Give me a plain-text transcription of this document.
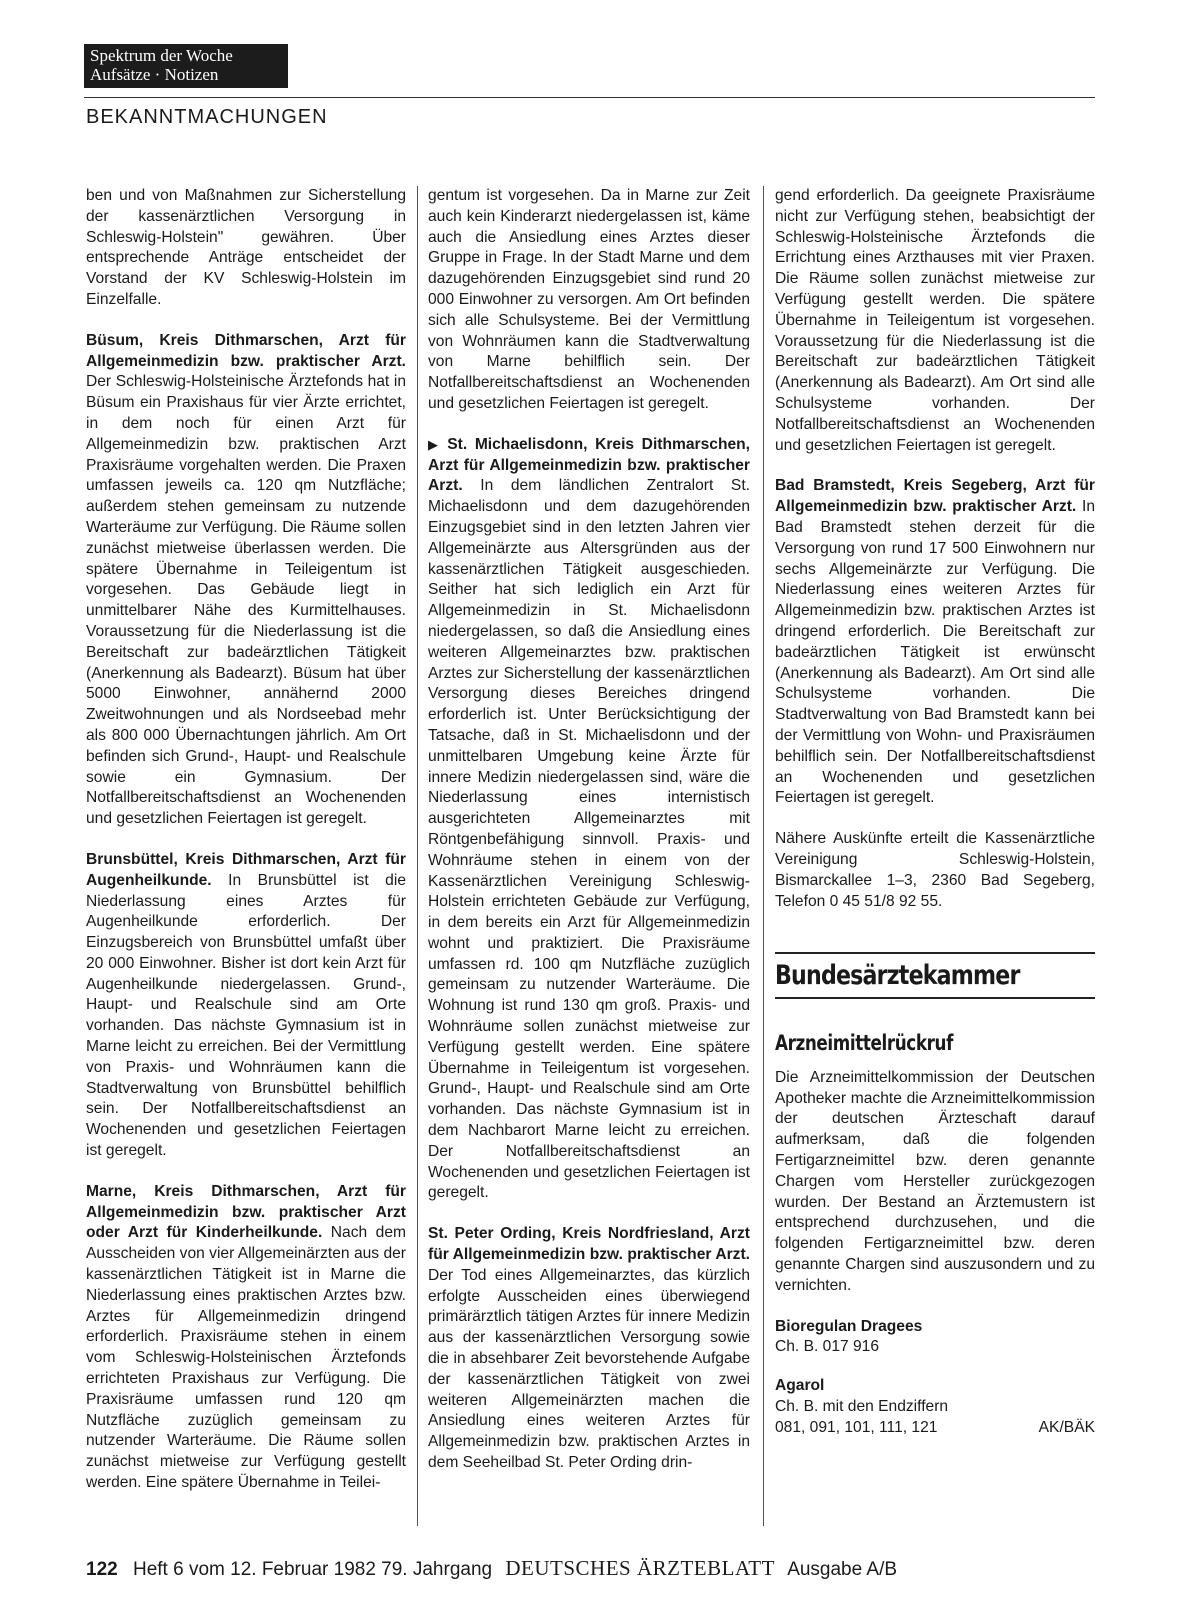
Spektrum der Woche
Aufsätze · Notizen
BEKANNTMACHUNGEN

ben und von Maßnahmen zur Sicherstellung der kassenärztlichen Versorgung in Schleswig-Holstein" gewähren. Über entsprechende Anträge entscheidet der Vorstand der KV Schleswig-Holstein im Einzelfalle.

Büsum, Kreis Dithmarschen, Arzt für Allgemeinmedizin bzw. praktischer Arzt. Der Schleswig-Holsteinische Ärztefonds hat in Büsum ein Praxishaus für vier Ärzte errichtet, in dem noch für einen Arzt für Allgemeinmedizin bzw. praktischen Arzt Praxisräume vorgehalten werden. Die Praxen umfassen jeweils ca. 120 qm Nutzfläche; außerdem stehen gemeinsam zu nutzende Warteräume zur Verfügung. Die Räume sollen zunächst mietweise überlassen werden. Die spätere Übernahme in Teileigentum ist vorgesehen. Das Gebäude liegt in unmittelbarer Nähe des Kurmittelhauses. Voraussetzung für die Niederlassung ist die Bereitschaft zur badeärztlichen Tätigkeit (Anerkennung als Badearzt). Büsum hat über 5000 Einwohner, annähernd 2000 Zweitwohnungen und als Nordseebad mehr als 800 000 Übernachtungen jährlich. Am Ort befinden sich Grund-, Haupt- und Realschule sowie ein Gymnasium. Der Notfallbereitschaftsdienst an Wochenenden und gesetzlichen Feiertagen ist geregelt.

Brunsbüttel, Kreis Dithmarschen, Arzt für Augenheilkunde. In Brunsbüttel ist die Niederlassung eines Arztes für Augenheilkunde erforderlich. Der Einzugsbereich von Brunsbüttel umfaßt über 20 000 Einwohner. Bisher ist dort kein Arzt für Augenheilkunde niedergelassen. Grund-, Haupt- und Realschule sind am Orte vorhanden. Das nächste Gymnasium ist in Marne leicht zu erreichen. Bei der Vermittlung von Praxis- und Wohnräumen kann die Stadtverwaltung von Brunsbüttel behilflich sein. Der Notfallbereitschaftsdienst an Wochenenden und gesetzlichen Feiertagen ist geregelt.

Marne, Kreis Dithmarschen, Arzt für Allgemeinmedizin bzw. praktischer Arzt oder Arzt für Kinderheilkunde. Nach dem Ausscheiden von vier Allgemeinärzten aus der kassenärztlichen Tätigkeit ist in Marne die Niederlassung eines praktischen Arztes bzw. Arztes für Allgemeinmedizin dringend erforderlich. Praxisräume stehen in einem vom Schleswig-Holsteinischen Ärztefonds errichteten Praxishaus zur Verfügung. Die Praxisräume umfassen rund 120 qm Nutzfläche zuzüglich gemeinsam zu nutzender Warteräume. Die Räume sollen zunächst mietweise zur Verfügung gestellt werden. Eine spätere Übernahme in Teilei-

gentum ist vorgesehen. Da in Marne zur Zeit auch kein Kinderarzt niedergelassen ist, käme auch die Ansiedlung eines Arztes dieser Gruppe in Frage. In der Stadt Marne und dem dazugehörenden Einzugsgebiet sind rund 20 000 Einwohner zu versorgen. Am Ort befinden sich alle Schulsysteme. Bei der Vermittlung von Wohnräumen kann die Stadtverwaltung von Marne behilflich sein. Der Notfallbereitschaftsdienst an Wochenenden und gesetzlichen Feiertagen ist geregelt.

▶ St. Michaelisdonn, Kreis Dithmarschen, Arzt für Allgemeinmedizin bzw. praktischer Arzt. In dem ländlichen Zentralort St. Michaelisdonn und dem dazugehörenden Einzugsgebiet sind in den letzten Jahren vier Allgemeinärzte aus Altersgründen aus der kassenärztlichen Tätigkeit ausgeschieden. Seither hat sich lediglich ein Arzt für Allgemeinmedizin in St. Michaelisdonn niedergelassen, so daß die Ansiedlung eines weiteren Allgemeinarztes bzw. praktischen Arztes zur Sicherstellung der kassenärztlichen Versorgung dieses Bereiches dringend erforderlich ist. Unter Berücksichtigung der Tatsache, daß in St. Michaelisdonn und der unmittelbaren Umgebung keine Ärzte für innere Medizin niedergelassen sind, wäre die Niederlassung eines internistisch ausgerichteten Allgemeinarztes mit Röntgenbefähigung sinnvoll. Praxis- und Wohnräume stehen in einem von der Kassenärztlichen Vereinigung Schleswig-Holstein errichteten Gebäude zur Verfügung, in dem bereits ein Arzt für Allgemeinmedizin wohnt und praktiziert. Die Praxisräume umfassen rd. 100 qm Nutzfläche zuzüglich gemeinsam zu nutzender Warteräume. Die Wohnung ist rund 130 qm groß. Praxis- und Wohnräume sollen zunächst mietweise zur Verfügung gestellt werden. Eine spätere Übernahme in Teileigentum ist vorgesehen. Grund-, Haupt- und Realschule sind am Orte vorhanden. Das nächste Gymnasium ist in dem Nachbarort Marne leicht zu erreichen. Der Notfallbereitschaftsdienst an Wochenenden und gesetzlichen Feiertagen ist geregelt.

St. Peter Ording, Kreis Nordfriesland, Arzt für Allgemeinmedizin bzw. praktischer Arzt. Der Tod eines Allgemeinarztes, das kürzlich erfolgte Ausscheiden eines überwiegend primärärztlich tätigen Arztes für innere Medizin aus der kassenärztlichen Versorgung sowie die in absehbarer Zeit bevorstehende Aufgabe der kassenärztlichen Tätigkeit von zwei weiteren Allgemeinärzten machen die Ansiedlung eines weiteren Arztes für Allgemeinmedizin bzw. praktischen Arztes in dem Seeheilbad St. Peter Ording drin-

gend erforderlich. Da geeignete Praxisräume nicht zur Verfügung stehen, beabsichtigt der Schleswig-Holsteinische Ärztefonds die Errichtung eines Arzthauses mit vier Praxen. Die Räume sollen zunächst mietweise zur Verfügung gestellt werden. Die spätere Übernahme in Teileigentum ist vorgesehen. Voraussetzung für die Niederlassung ist die Bereitschaft zur badeärztlichen Tätigkeit (Anerkennung als Badearzt). Am Ort sind alle Schulsysteme vorhanden. Der Notfallbereitschaftsdienst an Wochenenden und gesetzlichen Feiertagen ist geregelt.

Bad Bramstedt, Kreis Segeberg, Arzt für Allgemeinmedizin bzw. praktischer Arzt. In Bad Bramstedt stehen derzeit für die Versorgung von rund 17 500 Einwohnern nur sechs Allgemeinärzte zur Verfügung. Die Niederlassung eines weiteren Arztes für Allgemeinmedizin bzw. praktischen Arztes ist dringend erforderlich. Die Bereitschaft zur badeärztlichen Tätigkeit ist erwünscht (Anerkennung als Badearzt). Am Ort sind alle Schulsysteme vorhanden. Die Stadtverwaltung von Bad Bramstedt kann bei der Vermittlung von Wohn- und Praxisräumen behilflich sein. Der Notfallbereitschaftsdienst an Wochenenden und gesetzlichen Feiertagen ist geregelt.

Nähere Auskünfte erteilt die Kassenärztliche Vereinigung Schleswig-Holstein, Bismarckallee 1–3, 2360 Bad Segeberg, Telefon 0 45 51/8 92 55.

Bundesärztekammer
Arzneimittelrückruf

Die Arzneimittelkommission der Deutschen Apotheker machte die Arzneimittelkommission der deutschen Ärzteschaft darauf aufmerksam, daß die folgenden Fertigarzneimittel bzw. deren genannte Chargen vom Hersteller zurückgezogen wurden. Der Bestand an Ärztemustern ist entsprechend durchzusehen, und die folgenden Fertigarzneimittel bzw. deren genannte Chargen sind auszusondern und zu vernichten.

Bioregulan Dragees
Ch. B. 017 916
Agarol
Ch. B. mit den Endziffern
081, 091, 101, 111, 121	AK/BÄK
122 Heft 6 vom 12. Februar 1982 79. Jahrgang DEUTSCHES ÄRZTEBLATT Ausgabe A/B
